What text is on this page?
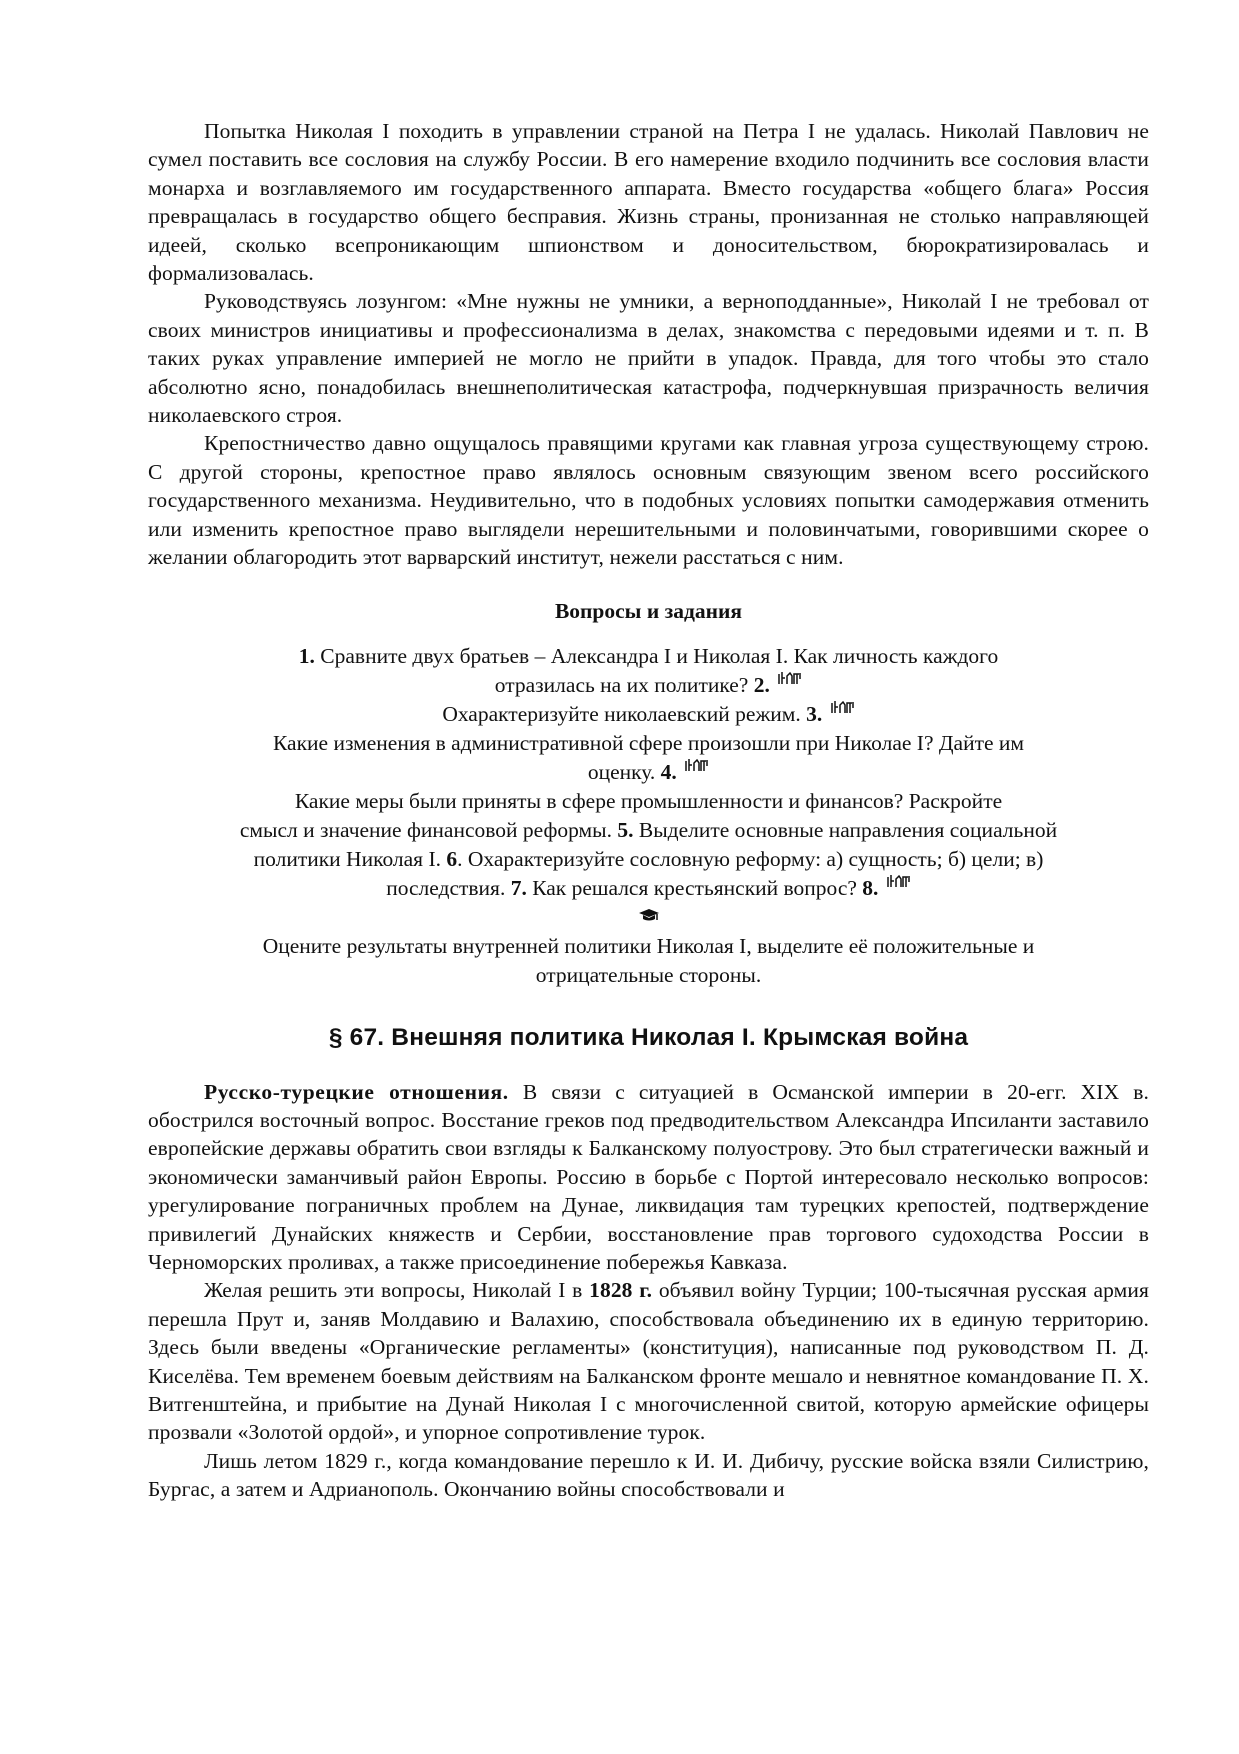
Попытка Николая I походить в управлении страной на Петра I не удалась. Николай Павлович не сумел поставить все сословия на службу России. В его намерение входило подчинить все сословия власти монарха и возглавляемого им государственного аппарата. Вместо государства «общего блага» Россия превращалась в государство общего бесправия. Жизнь страны, пронизанная не столько направляющей идеей, сколько всепроникающим шпионством и доносительством, бюрократизировалась и формализовалась.

Руководствуясь лозунгом: «Мне нужны не умники, а верноподданные», Николай I не требовал от своих министров инициативы и профессионализма в делах, знакомства с передовыми идеями и т. п. В таких руках управление империей не могло не прийти в упадок. Правда, для того чтобы это стало абсолютно ясно, понадобилась внешнеполитическая катастрофа, подчеркнувшая призрачность величия николаевского строя.

Крепостничество давно ощущалось правящими кругами как главная угроза существующему строю. С другой стороны, крепостное право являлось основным связующим звеном всего российского государственного механизма. Неудивительно, что в подобных условиях попытки самодержавия отменить или изменить крепостное право выглядели нерешительными и половинчатыми, говорившими скорее о желании облагородить этот варварский институт, нежели расстаться с ним.

Вопросы и задания
1. Сравните двух братьев – Александра I и Николая I. Как личность каждого
отразилась на их политике? 2.
Охарактеризуйте николаевский режим. 3.
Какие изменения в административной сфере произошли при Николае I? Дайте им
оценку. 4.
Какие меры были приняты в сфере промышленности и финансов? Раскройте
смысл и значение финансовой реформы. 5. Выделите основные направления социальной
политики Николая I. 6. Охарактеризуйте сословную реформу: а) сущность; б) цели; в)
последствия. 7. Как решался крестьянский вопрос? 8.
Оцените результаты внутренней политики Николая I, выделите её положительные и
отрицательные стороны.
§ 67. Внешняя политика Николая I. Крымская война

Русско-турецкие отношения. В связи с ситуацией в Османской империи в 20-егг. XIX в. обострился восточный вопрос. Восстание греков под предводительством Александра Ипсиланти заставило европейские державы обратить свои взгляды к Балканскому полуострову. Это был стратегически важный и экономически заманчивый район Европы. Россию в борьбе с Портой интересовало несколько вопросов: урегулирование пограничных проблем на Дунае, ликвидация там турецких крепостей, подтверждение привилегий Дунайских княжеств и Сербии, восстановление прав торгового судоходства России в Черноморских проливах, а также присоединение побережья Кавказа.

Желая решить эти вопросы, Николай I в 1828 г. объявил войну Турции; 100-тысячная русская армия перешла Прут и, заняв Молдавию и Валахию, способствовала объединению их в единую территорию. Здесь были введены «Органические регламенты» (конституция), написанные под руководством П. Д. Киселёва. Тем временем боевым действиям на Балканском фронте мешало и невнятное командование П. Х. Витгенштейна, и прибытие на Дунай Николая I с многочисленной свитой, которую армейские офицеры прозвали «Золотой ордой», и упорное сопротивление турок.

Лишь летом 1829 г., когда командование перешло к И. И. Дибичу, русские войска взяли Силистрию, Бургас, а затем и Адрианополь. Окончанию войны способствовали и
